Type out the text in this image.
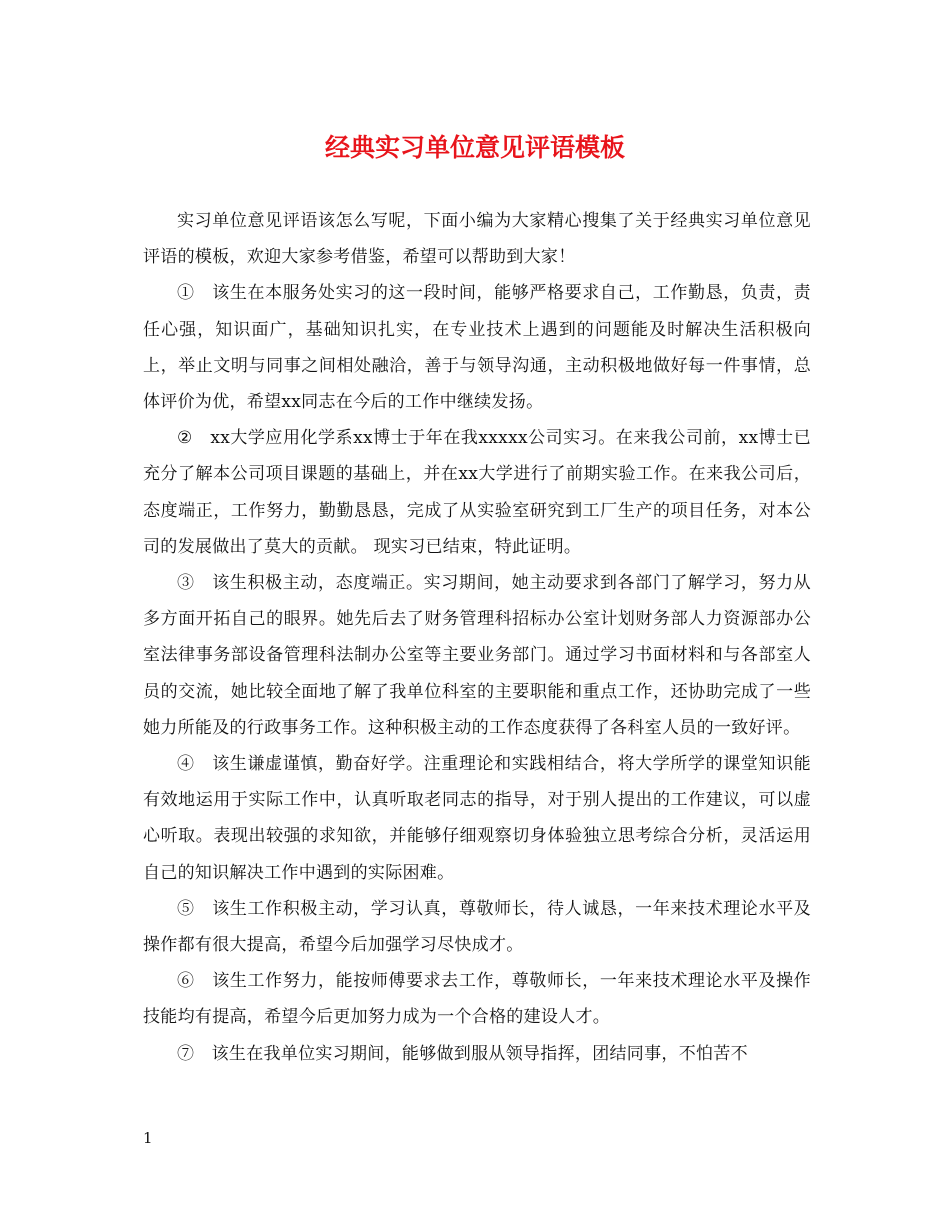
经典实习单位意见评语模板

实习单位意见评语该怎么写呢，下面小编为大家精心搜集了关于经典实习单位意见评语的模板，欢迎大家参考借鉴，希望可以帮助到大家！

①　该生在本服务处实习的这一段时间，能够严格要求自己，工作勤恳，负责，责任心强，知识面广，基础知识扎实，在专业技术上遇到的问题能及时解决生活积极向上，举止文明与同事之间相处融洽，善于与领导沟通，主动积极地做好每一件事情，总体评价为优，希望xx同志在今后的工作中继续发扬。

②　xx大学应用化学系xx博士于年在我xxxxx公司实习。在来我公司前，xx博士已充分了解本公司项目课题的基础上，并在xx大学进行了前期实验工作。在来我公司后，态度端正，工作努力，勤勤恳恳，完成了从实验室研究到工厂生产的项目任务，对本公司的发展做出了莫大的贡献。 现实习已结束，特此证明。

③　该生积极主动，态度端正。实习期间，她主动要求到各部门了解学习，努力从多方面开拓自己的眼界。她先后去了财务管理科招标办公室计划财务部人力资源部办公室法律事务部设备管理科法制办公室等主要业务部门。通过学习书面材料和与各部室人员的交流，她比较全面地了解了我单位科室的主要职能和重点工作，还协助完成了一些她力所能及的行政事务工作。这种积极主动的工作态度获得了各科室人员的一致好评。

④　该生谦虚谨慎，勤奋好学。注重理论和实践相结合，将大学所学的课堂知识能有效地运用于实际工作中，认真听取老同志的指导，对于别人提出的工作建议，可以虚心听取。表现出较强的求知欲，并能够仔细观察切身体验独立思考综合分析，灵活运用自己的知识解决工作中遇到的实际困难。

⑤　该生工作积极主动，学习认真，尊敬师长，待人诚恳，一年来技术理论水平及操作都有很大提高，希望今后加强学习尽快成才。

⑥　该生工作努力，能按师傅要求去工作，尊敬师长，一年来技术理论水平及操作技能均有提高，希望今后更加努力成为一个合格的建设人才。

⑦　该生在我单位实习期间，能够做到服从领导指挥，团结同事，不怕苦不

1
